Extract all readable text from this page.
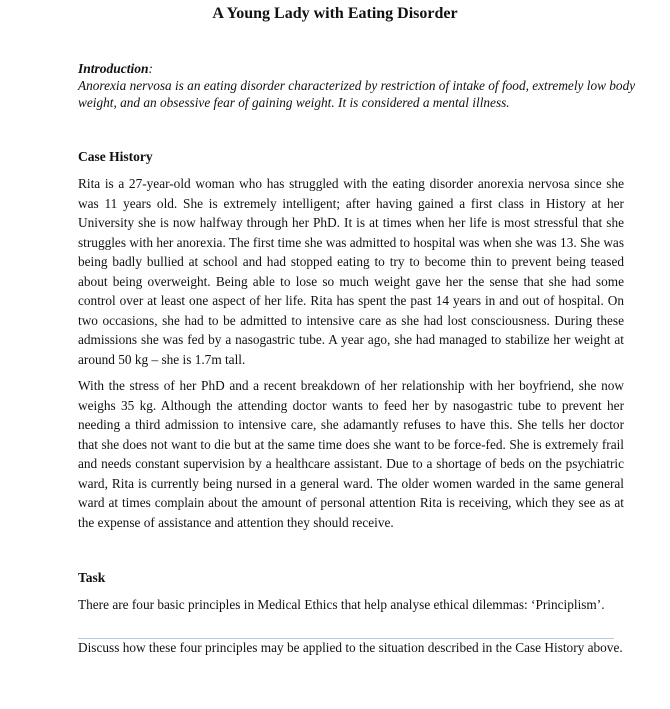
A Young Lady with Eating Disorder
Introduction:
Anorexia nervosa is an eating disorder characterized by restriction of intake of food, extremely low body weight, and an obsessive fear of gaining weight. It is considered a mental illness.
Case History
Rita is a 27-year-old woman who has struggled with the eating disorder anorexia nervosa since she was 11 years old. She is extremely intelligent; after having gained a first class in History at her University she is now halfway through her PhD. It is at times when her life is most stressful that she struggles with her anorexia. The first time she was admitted to hospital was when she was 13. She was being badly bullied at school and had stopped eating to try to become thin to prevent being teased about being overweight. Being able to lose so much weight gave her the sense that she had some control over at least one aspect of her life. Rita has spent the past 14 years in and out of hospital. On two occasions, she had to be admitted to intensive care as she had lost consciousness. During these admissions she was fed by a nasogastric tube. A year ago, she had managed to stabilize her weight at around 50 kg – she is 1.7m tall.
With the stress of her PhD and a recent breakdown of her relationship with her boyfriend, she now weighs 35 kg. Although the attending doctor wants to feed her by nasogastric tube to prevent her needing a third admission to intensive care, she adamantly refuses to have this. She tells her doctor that she does not want to die but at the same time does she want to be force-fed. She is extremely frail and needs constant supervision by a healthcare assistant. Due to a shortage of beds on the psychiatric ward, Rita is currently being nursed in a general ward. The older women warded in the same general ward at times complain about the amount of personal attention Rita is receiving, which they see as at the expense of assistance and attention they should receive.
Task
There are four basic principles in Medical Ethics that help analyse ethical dilemmas: ‘Principlism’.
Discuss how these four principles may be applied to the situation described in the Case History above.
